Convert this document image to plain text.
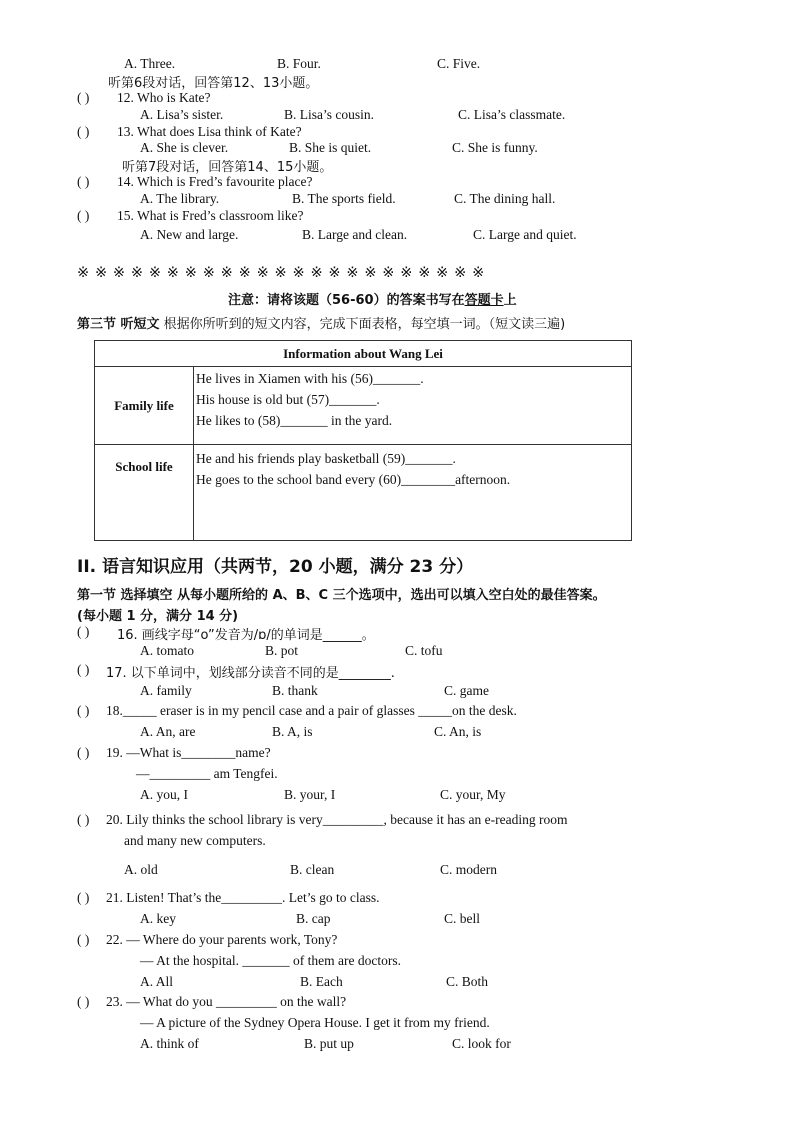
A. Three.	B. Four.	C. Five.
听第6段对话，回答第12、13小题。
( ) 12. Who is Kate?
A. Lisa’s sister.	B. Lisa’s cousin.	C. Lisa’s classmate.
( ) 13. What does Lisa think of Kate?
A. She is clever.	B. She is quiet.	C. She is funny.
听第7段对话，回答第14、15小题。
( ) 14. Which is Fred’s favourite place?
A. The library.	B. The sports field.	C. The dining hall.
( ) 15. What is Fred’s classroom like?
A. New and large.	B. Large and clean.	C. Large and quiet.
※ ※ ※ ※ ※ ※ ※ ※ ※ ※ ※ ※ ※ ※ ※ ※ ※ ※ ※ ※ ※ ※ ※
注意：请将该题（56-60）的答案书写在答题卡上
第三节 听短文 根据你所听到的短文内容，完成下面表格，每空填一词。（短文读三遍)
Information about Wang Lei	
Family life	He lives in Xiamen with his (56)_______.
His house is old but (57)_______.
He likes to (58)_______ in the yard.

School life	He and his friends play basketball (59)_______.
He goes to the school band every (60)________afternoon.
II. 语言知识应用（共两节，20 小题，满分 23 分）
第一节 选择填空 从每小题所给的 A、B、C 三个选项中，选出可以填入空白处的最佳答案。
(每小题 1 分，满分 14 分)
( ) 16. 画线字母“o”发音为/ɒ/的单词是______。
A. tomato	B. pot	C. tofu
( ) 17. 以下单词中，划线部分读音不同的是________.
A. family	B. thank	C. game
( ) 18._____ eraser is in my pencil case and a pair of glasses _____on the desk.
A. An, are	B. A, is	C. An, is
( ) 19. —What is________name?
—_________ am Tengfei.
A. you, I	B. your, I	C. your, My
( ) 20. Lily thinks the school library is very_________, because it has an e-reading room
and many new computers.
A. old	B. clean	C. modern
( ) 21. Listen! That’s the_________. Let’s go to class.
A. key	B. cap	C. bell
( ) 22. — Where do your parents work, Tony?
— At the hospital. _______ of them are doctors.
A. All	B. Each	C. Both
( ) 23. — What do you _________ on the wall?
— A picture of the Sydney Opera House. I get it from my friend.
A. think of	B. put up	C. look for
